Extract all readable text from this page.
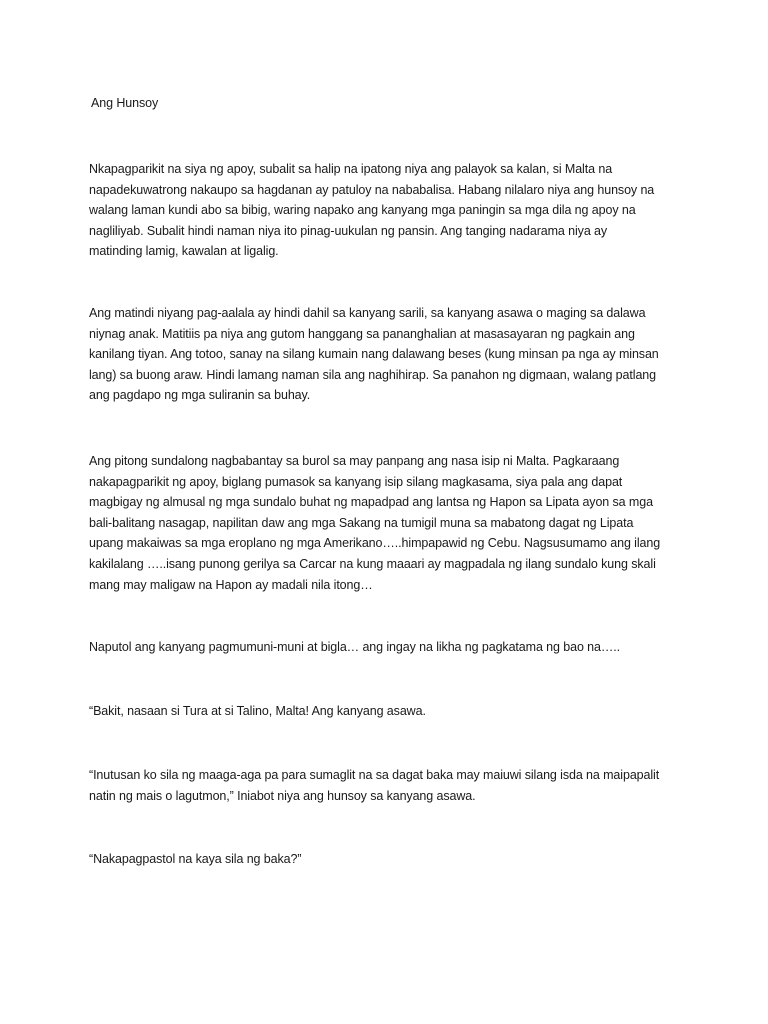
Ang Hunsoy

Nkapagparikit na siya ng apoy, subalit sa halip na ipatong niya ang palayok sa kalan, si Malta na
napadekuwatrong nakaupo sa hagdanan ay patuloy na nababalisa. Habang nilalaro niya ang hunsoy na
walang laman kundi abo sa bibig, waring napako ang kanyang mga paningin sa mga dila ng apoy na
nagliliyab. Subalit hindi naman niya ito pinag-uukulan ng pansin. Ang tanging nadarama niya ay
matinding lamig, kawalan at ligalig.

Ang matindi niyang pag-aalala ay hindi dahil sa kanyang sarili, sa kanyang asawa o maging sa dalawa
niynag anak. Matitiis pa niya ang gutom hanggang sa pananghalian at masasayaran ng pagkain ang
kanilang tiyan. Ang totoo, sanay na silang kumain nang dalawang beses (kung minsan pa nga ay minsan
lang) sa buong araw. Hindi lamang naman sila ang naghihirap. Sa panahon ng digmaan, walang patlang
ang pagdapo ng mga suliranin sa buhay.

Ang pitong sundalong nagbabantay sa burol sa may panpang ang nasa isip ni Malta. Pagkaraang
nakapagparikit ng apoy, biglang pumasok sa kanyang isip silang magkasama, siya pala ang dapat
magbigay ng almusal ng mga sundalo buhat ng mapadpad ang lantsa ng Hapon sa Lipata ayon sa mga
bali-balitang nasagap, napilitan daw ang mga Sakang na tumigil muna sa mabatong dagat ng Lipata
upang makaiwas sa mga eroplano ng mga Amerikano…..himpapawid ng Cebu. Nagsusumamo ang ilang
kakilalang …..isang punong gerilya sa Carcar na kung maaari ay magpadala ng ilang sundalo kung skali
mang may maligaw na Hapon ay madali nila itong…

Naputol ang kanyang pagmumuni-muni at bigla… ang ingay na likha ng pagkatama ng bao na…..

“Bakit, nasaan si Tura at si Talino, Malta! Ang kanyang asawa.

“Inutusan ko sila ng maaga-aga pa para sumaglit na sa dagat baka may maiuwi silang isda na maipapalit
natin ng mais o lagutmon,” Iniabot niya ang hunsoy sa kanyang asawa.

“Nakapagpastol na kaya sila ng baka?”
